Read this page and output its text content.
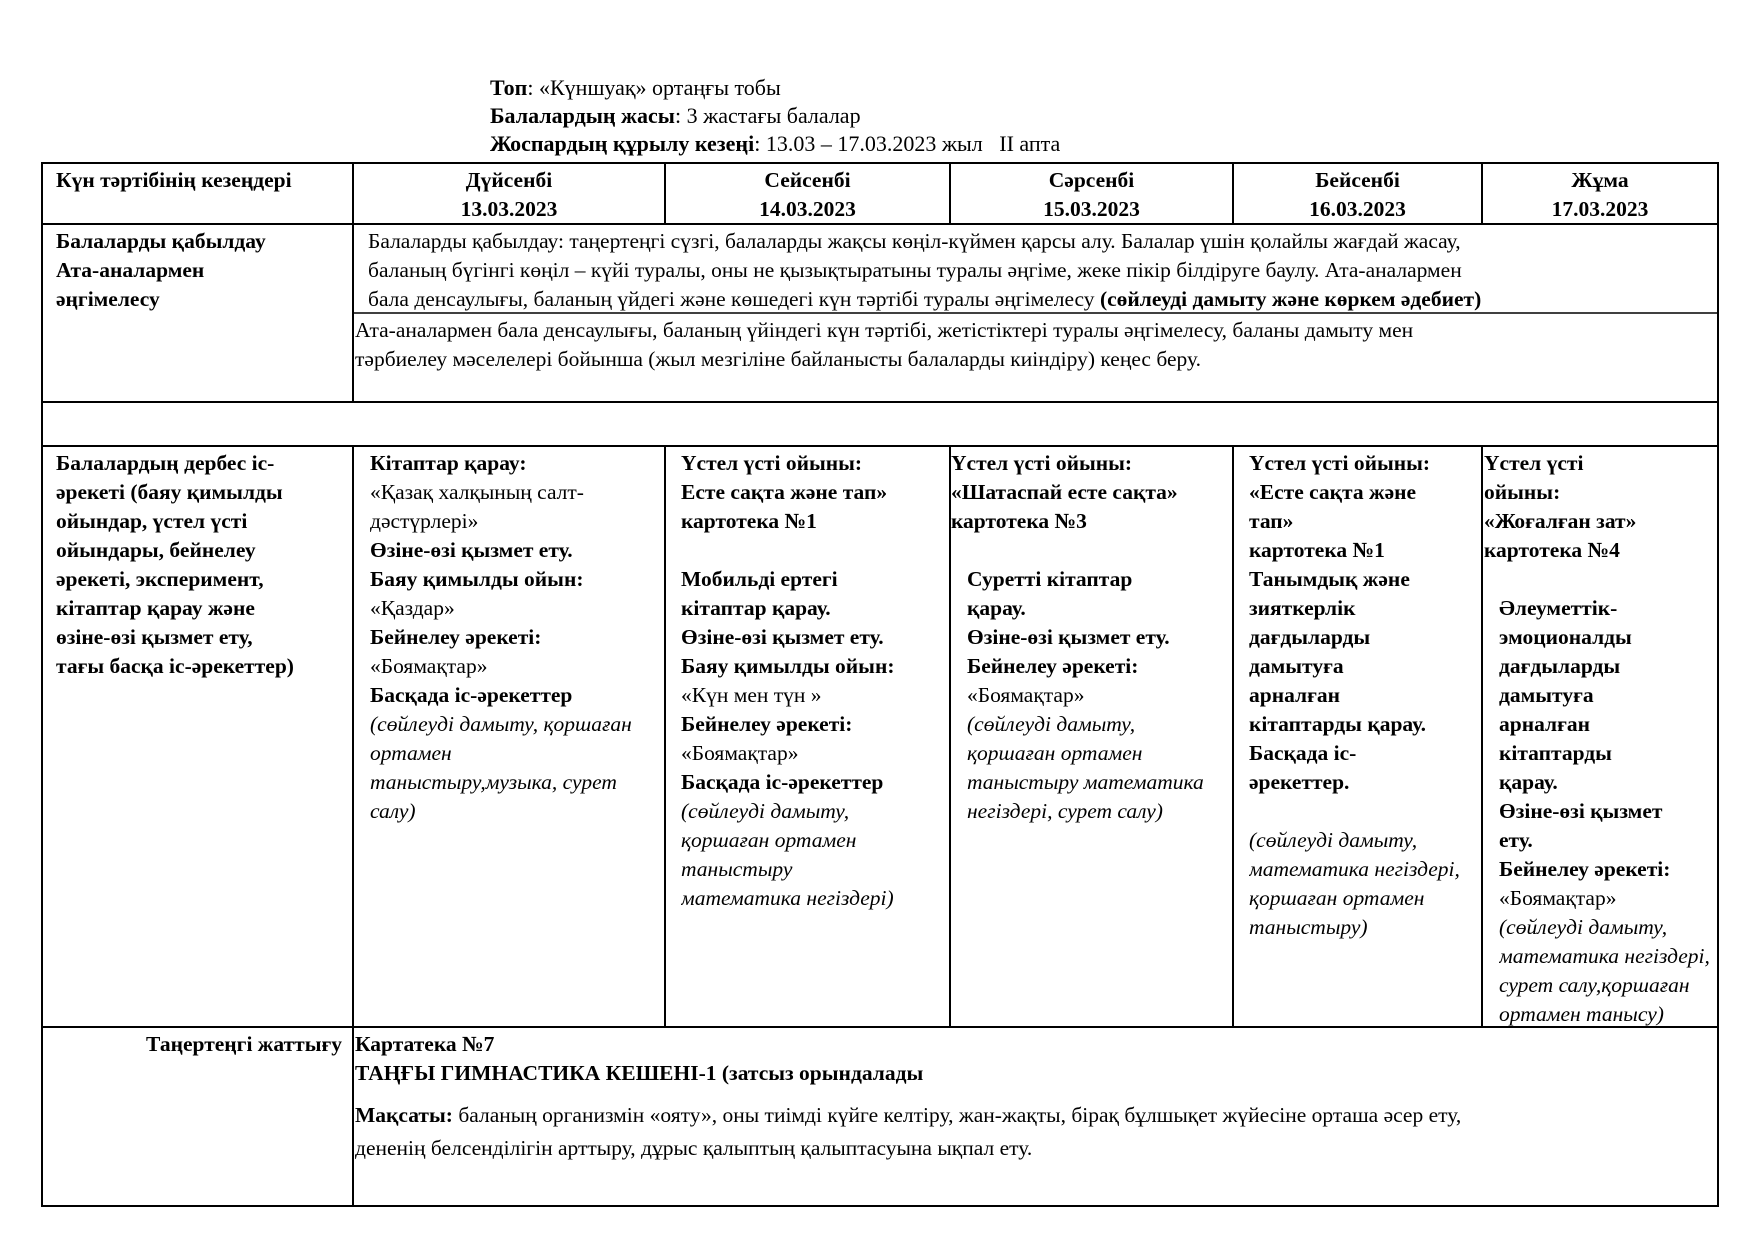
Топ: «Күншуақ» ортаңғы тобы
Балалардың жасы: 3 жастағы балалар
Жоспардың құрылу кезеңі: 13.03 – 17.03.2023 жыл   II апта
Күн тәртібінің кезеңдері	Дүйсенбі
13.03.2023
Сейсенбі
14.03.2023
Сәрсенбі
15.03.2023
Бейсенбі
16.03.2023
Жұма
17.03.2023
Балаларды қабылдау
Ата-аналармен
әңгімелесу
Балаларды қабылдау: таңертеңгі сүзгі, балаларды жақсы көңіл-күймен қарсы алу. Балалар үшін қолайлы жағдай жасау,
баланың бүгінгі көңіл – күйі туралы, оны не қызықтыратыны туралы әңгіме, жеке пікір білдіруге баулу. Ата-аналармен
бала денсаулығы, баланың үйдегі және көшедегі күн тәртібі туралы әңгімелесу (сөйлеуді дамыту және көркем әдебиет)
Ата-аналармен бала денсаулығы, баланың үйіндегі күн тәртібі, жетістіктері туралы әңгімелесу, баланы дамыту мен
тәрбиелеу мәселелері бойынша (жыл мезгіліне байланысты балаларды киіндіру) кеңес беру.
Балалардың дербес іс-
әрекеті (баяу қимылды
ойындар, үстел үсті
ойындары, бейнелеу
әрекеті, эксперимент,
кітаптар қарау және
өзіне-өзі қызмет ету,
тағы басқа іс-әрекеттер)
Кітаптар қарау:
«Қазақ халқының салт-
дәстүрлері»
Өзіне-өзі қызмет ету.
Баяу қимылды ойын:
«Қаздар»
Бейнелеу әрекеті:
«Боямақтар»
Басқада іс-әрекеттер
(сөйлеуді дамыту, қоршаған
ортамен
таныстыру,музыка, сурет
салу)
Үстел үсті ойыны:
Есте сақта және тап»
картотека №1

Мобильді ертегі
кітаптар қарау.
Өзіне-өзі қызмет ету.
Баяу қимылды ойын:
«Күн мен түн »
Бейнелеу әрекеті:
«Боямақтар»
Басқада іс-әрекеттер
(сөйлеуді дамыту,
қоршаған ортамен
таныстыру
математика негіздері)
Үстел үсті ойыны:
«Шатаспай есте сақта»
картотека №3
Суретті кітаптар
қарау.
Өзіне-өзі қызмет ету.
Бейнелеу әрекеті:
«Боямақтар»
(сөйлеуді дамыту,
қоршаған ортамен
таныстыру математика
негіздері, сурет салу)
Үстел үсті ойыны:
«Есте сақта және
тап»
картотека №1
Танымдық және
зияткерлік
дағдыларды
дамытуға
арналған
кітаптарды қарау.
Басқада іс-
әрекеттер.

(сөйлеуді дамыту,
математика негіздері,
қоршаған ортамен
таныстыру)
Үстел үсті
ойыны:
«Жоғалған зат»
картотека №4
Әлеуметтік-
эмоционалды
дағдыларды
дамытуға
арналған
кітаптарды
қарау.
Өзіне-өзі қызмет
ету.
Бейнелеу әрекеті:
«Боямақтар»
(сөйлеуді дамыту,
математика негіздері,
сурет салу,қоршаған
ортамен танысу)
Таңертеңгі жаттығу Картатека №7
ТАҢҒЫ ГИМНАСТИКА КЕШЕНІ-1 (затсыз орындалады
Мақсаты: баланың организмін «ояту», оны тиімді күйге келтіру, жан-жақты, бірақ бұлшықет жүйесіне орташа әсер ету,
дененің белсенділігін арттыру, дұрыс қалыптың қалыптасуына ықпал ету.
